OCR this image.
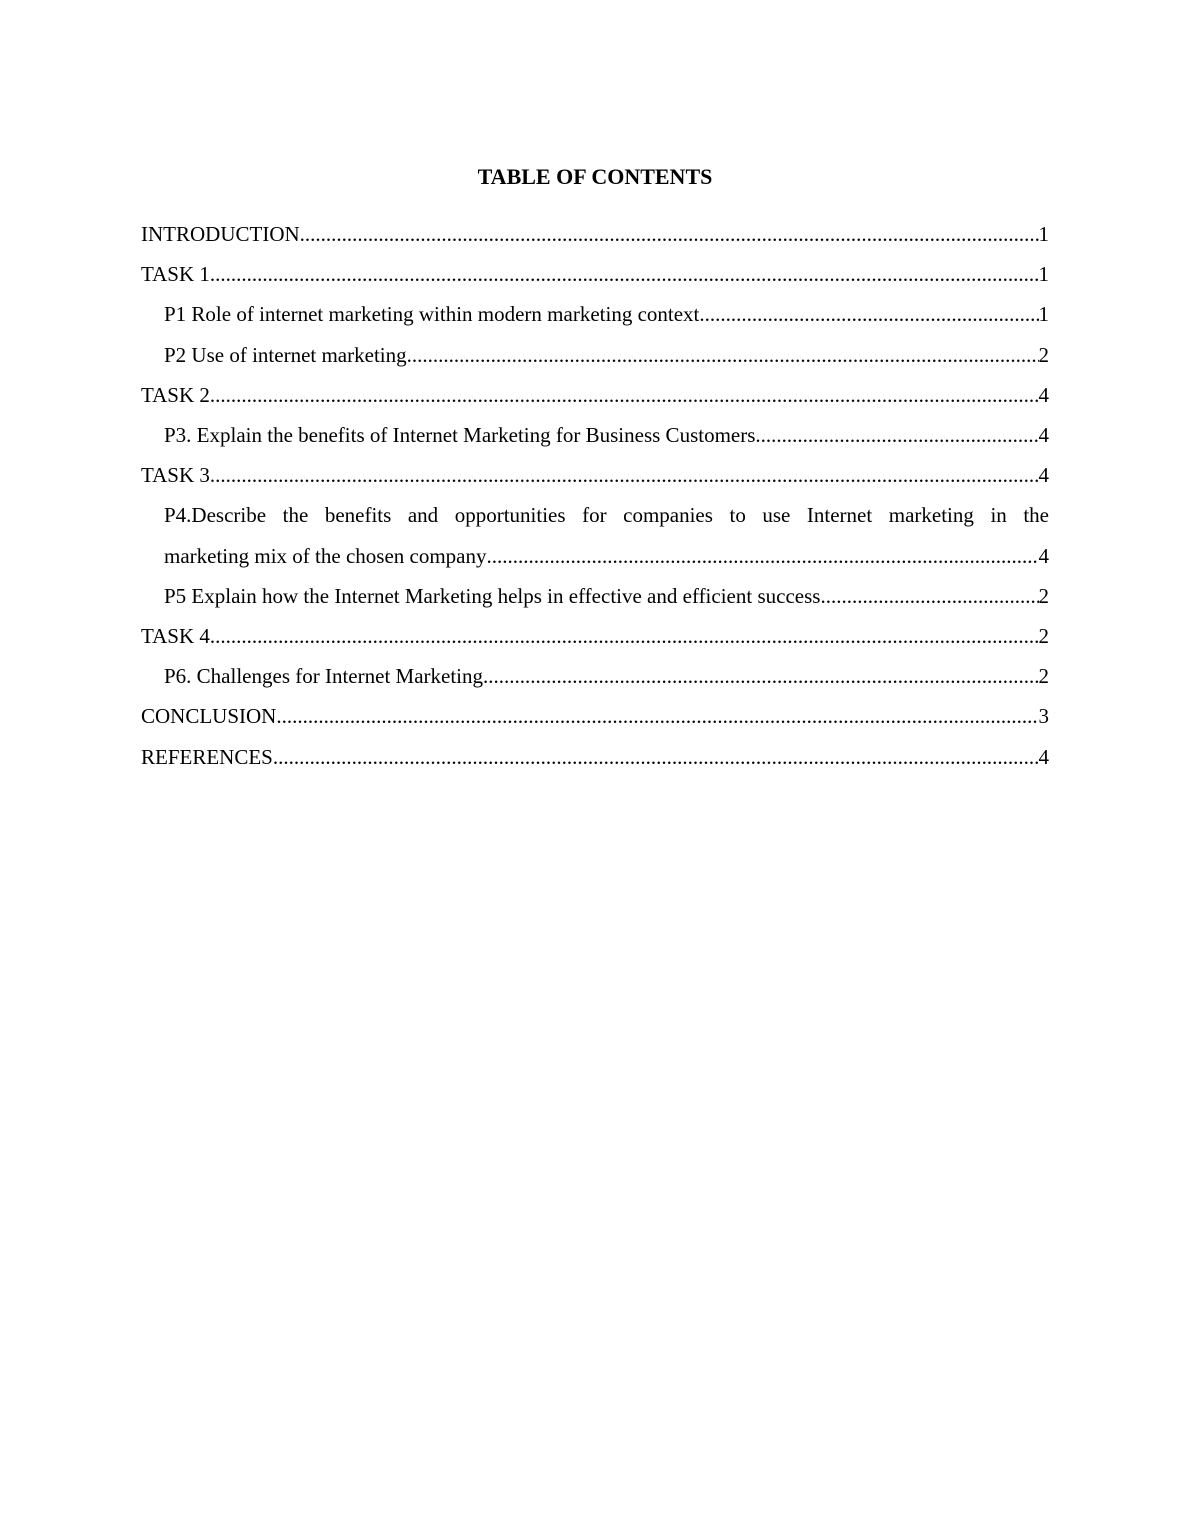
TABLE OF CONTENTS
INTRODUCTION .....	1
TASK 1 .....	1
P1 Role of internet marketing within modern marketing context .....	1
P2 Use of internet marketing .....	2
TASK 2 .....	4
P3. Explain the benefits of Internet Marketing for Business Customers .....	4
TASK 3 .....	4
P4.Describe the benefits and opportunities for companies to use Internet marketing in the
marketing mix of the chosen company .....	4
P5 Explain how the Internet Marketing helps in effective and efficient success .....	2
TASK 4 .....	2
P6. Challenges for Internet Marketing .....	2
CONCLUSION .....	3
REFERENCES .....	4
